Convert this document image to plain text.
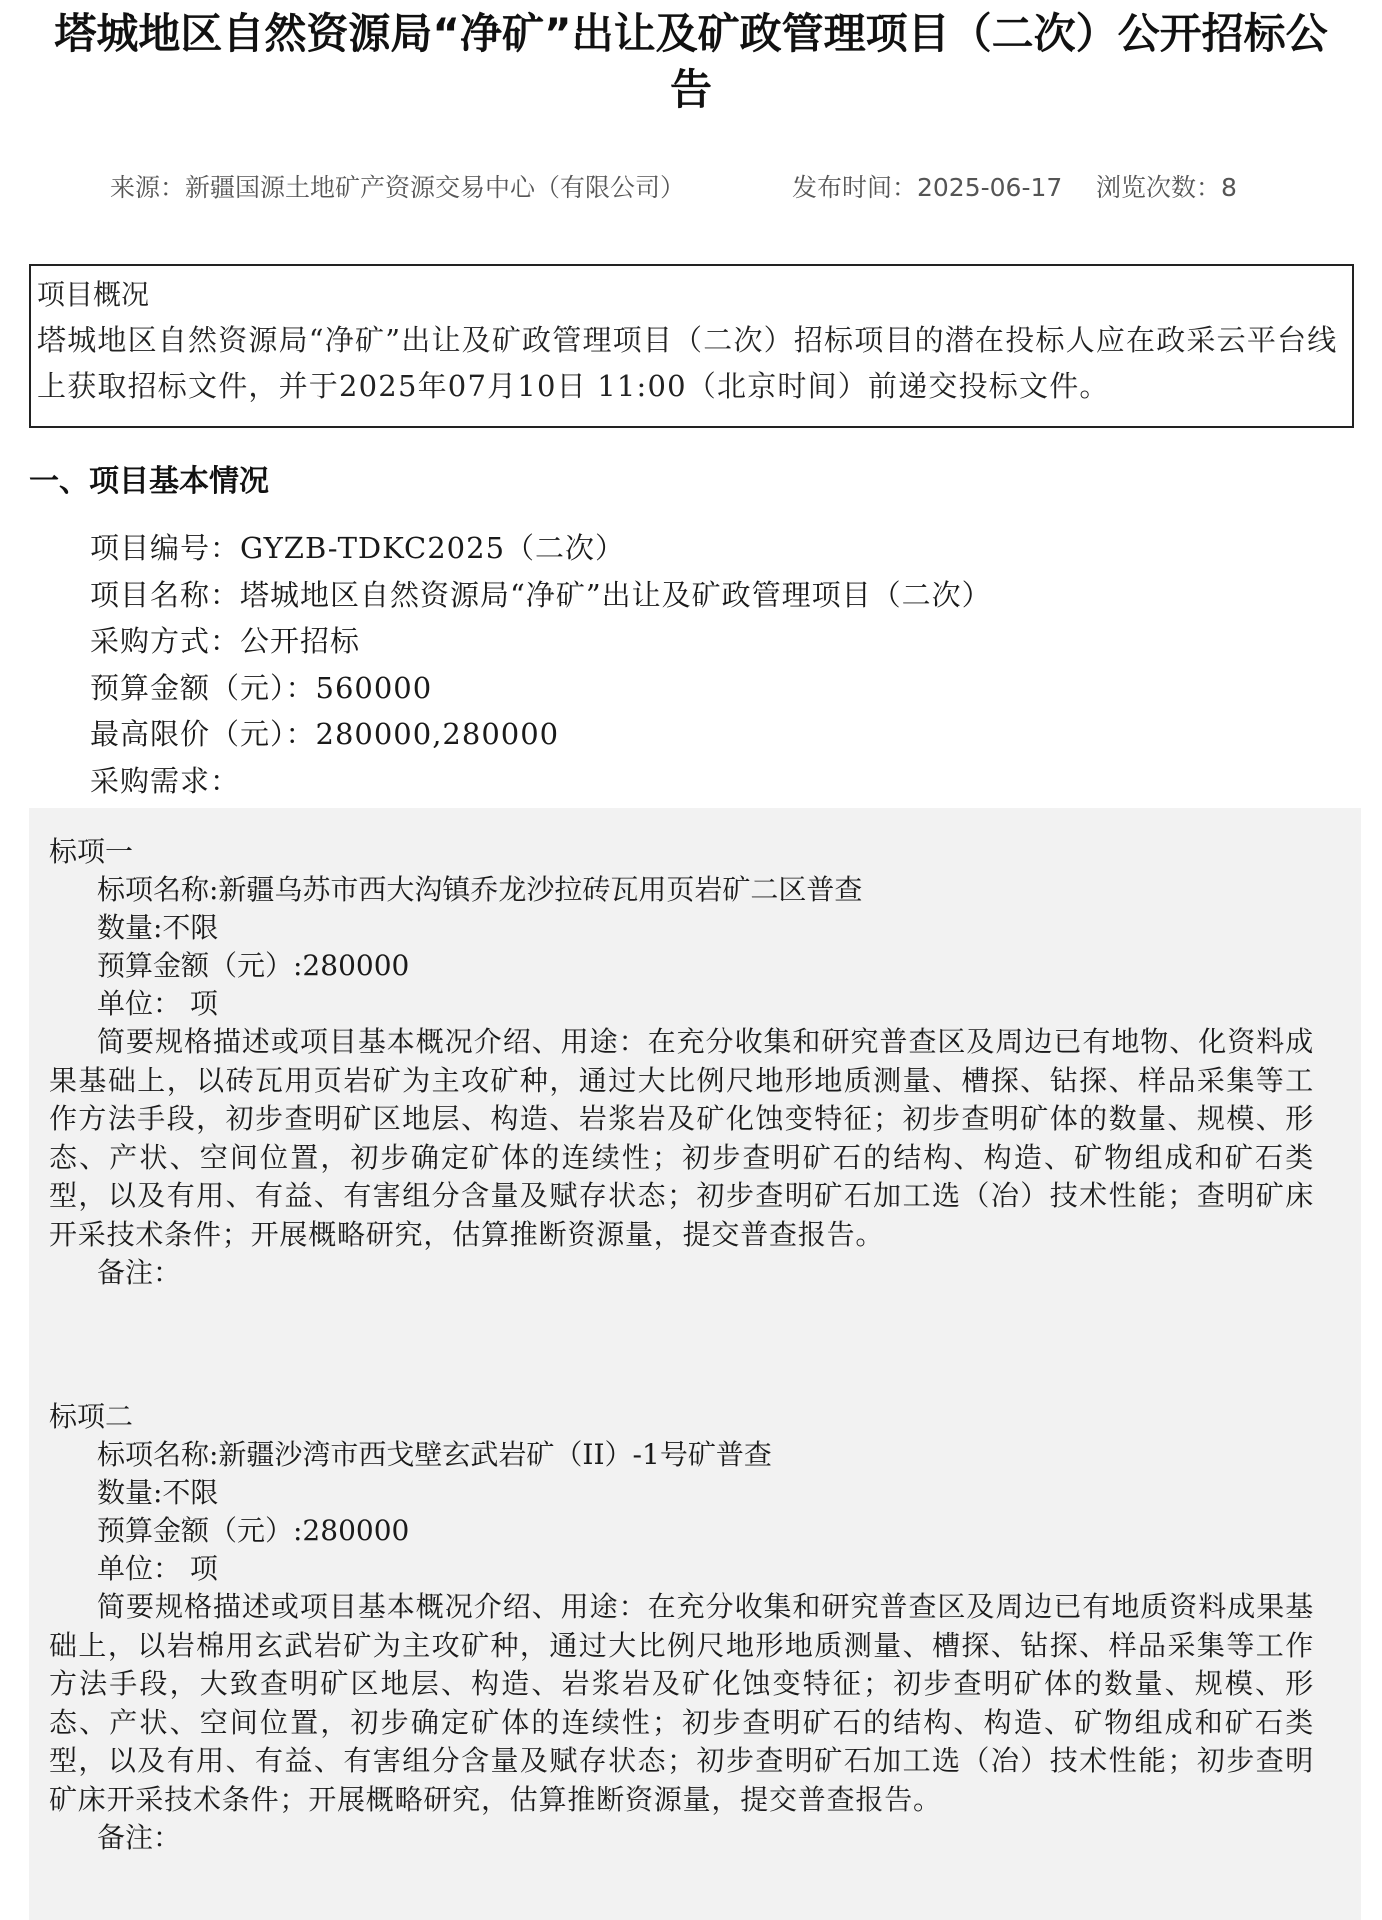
塔城地区自然资源局“净矿”出让及矿政管理项目（二次）公开招标公告
来源：新疆国源土地矿产资源交易中心（有限公司）	发布时间：2025-06-17 浏览次数：8
项目概况
塔城地区自然资源局“净矿”出让及矿政管理项目（二次）招标项目的潜在投标人应在政采云平台线上获取招标文件，并于2025年07月10日 11:00（北京时间）前递交投标文件。
一、项目基本情况
项目编号：GYZB-TDKC2025（二次）
项目名称：塔城地区自然资源局“净矿”出让及矿政管理项目（二次）
采购方式：公开招标
预算金额（元）：560000
最高限价（元）：280000,280000
采购需求：
标项一
标项名称:新疆乌苏市西大沟镇乔龙沙拉砖瓦用页岩矿二区普查
数量:不限
预算金额（元）:280000
单位： 项
简要规格描述或项目基本概况介绍、用途：在充分收集和研究普查区及周边已有地物、化资料成果基础上，以砖瓦用页岩矿为主攻矿种，通过大比例尺地形地质测量、槽探、钻探、样品采集等工作方法手段，初步查明矿区地层、构造、岩浆岩及矿化蚀变特征；初步查明矿体的数量、规模、形态、产状、空间位置，初步确定矿体的连续性；初步查明矿石的结构、构造、矿物组成和矿石类型，以及有用、有益、有害组分含量及赋存状态；初步查明矿石加工选（冶）技术性能；查明矿床开采技术条件；开展概略研究，估算推断资源量，提交普查报告。
备注：
标项二
标项名称:新疆沙湾市西戈壁玄武岩矿（II）-1号矿普查
数量:不限
预算金额（元）:280000
单位： 项
简要规格描述或项目基本概况介绍、用途：在充分收集和研究普查区及周边已有地质资料成果基础上，以岩棉用玄武岩矿为主攻矿种，通过大比例尺地形地质测量、槽探、钻探、样品采集等工作方法手段，大致查明矿区地层、构造、岩浆岩及矿化蚀变特征；初步查明矿体的数量、规模、形态、产状、空间位置，初步确定矿体的连续性；初步查明矿石的结构、构造、矿物组成和矿石类型，以及有用、有益、有害组分含量及赋存状态；初步查明矿石加工选（冶）技术性能；初步查明矿床开采技术条件；开展概略研究，估算推断资源量，提交普查报告。
备注：
